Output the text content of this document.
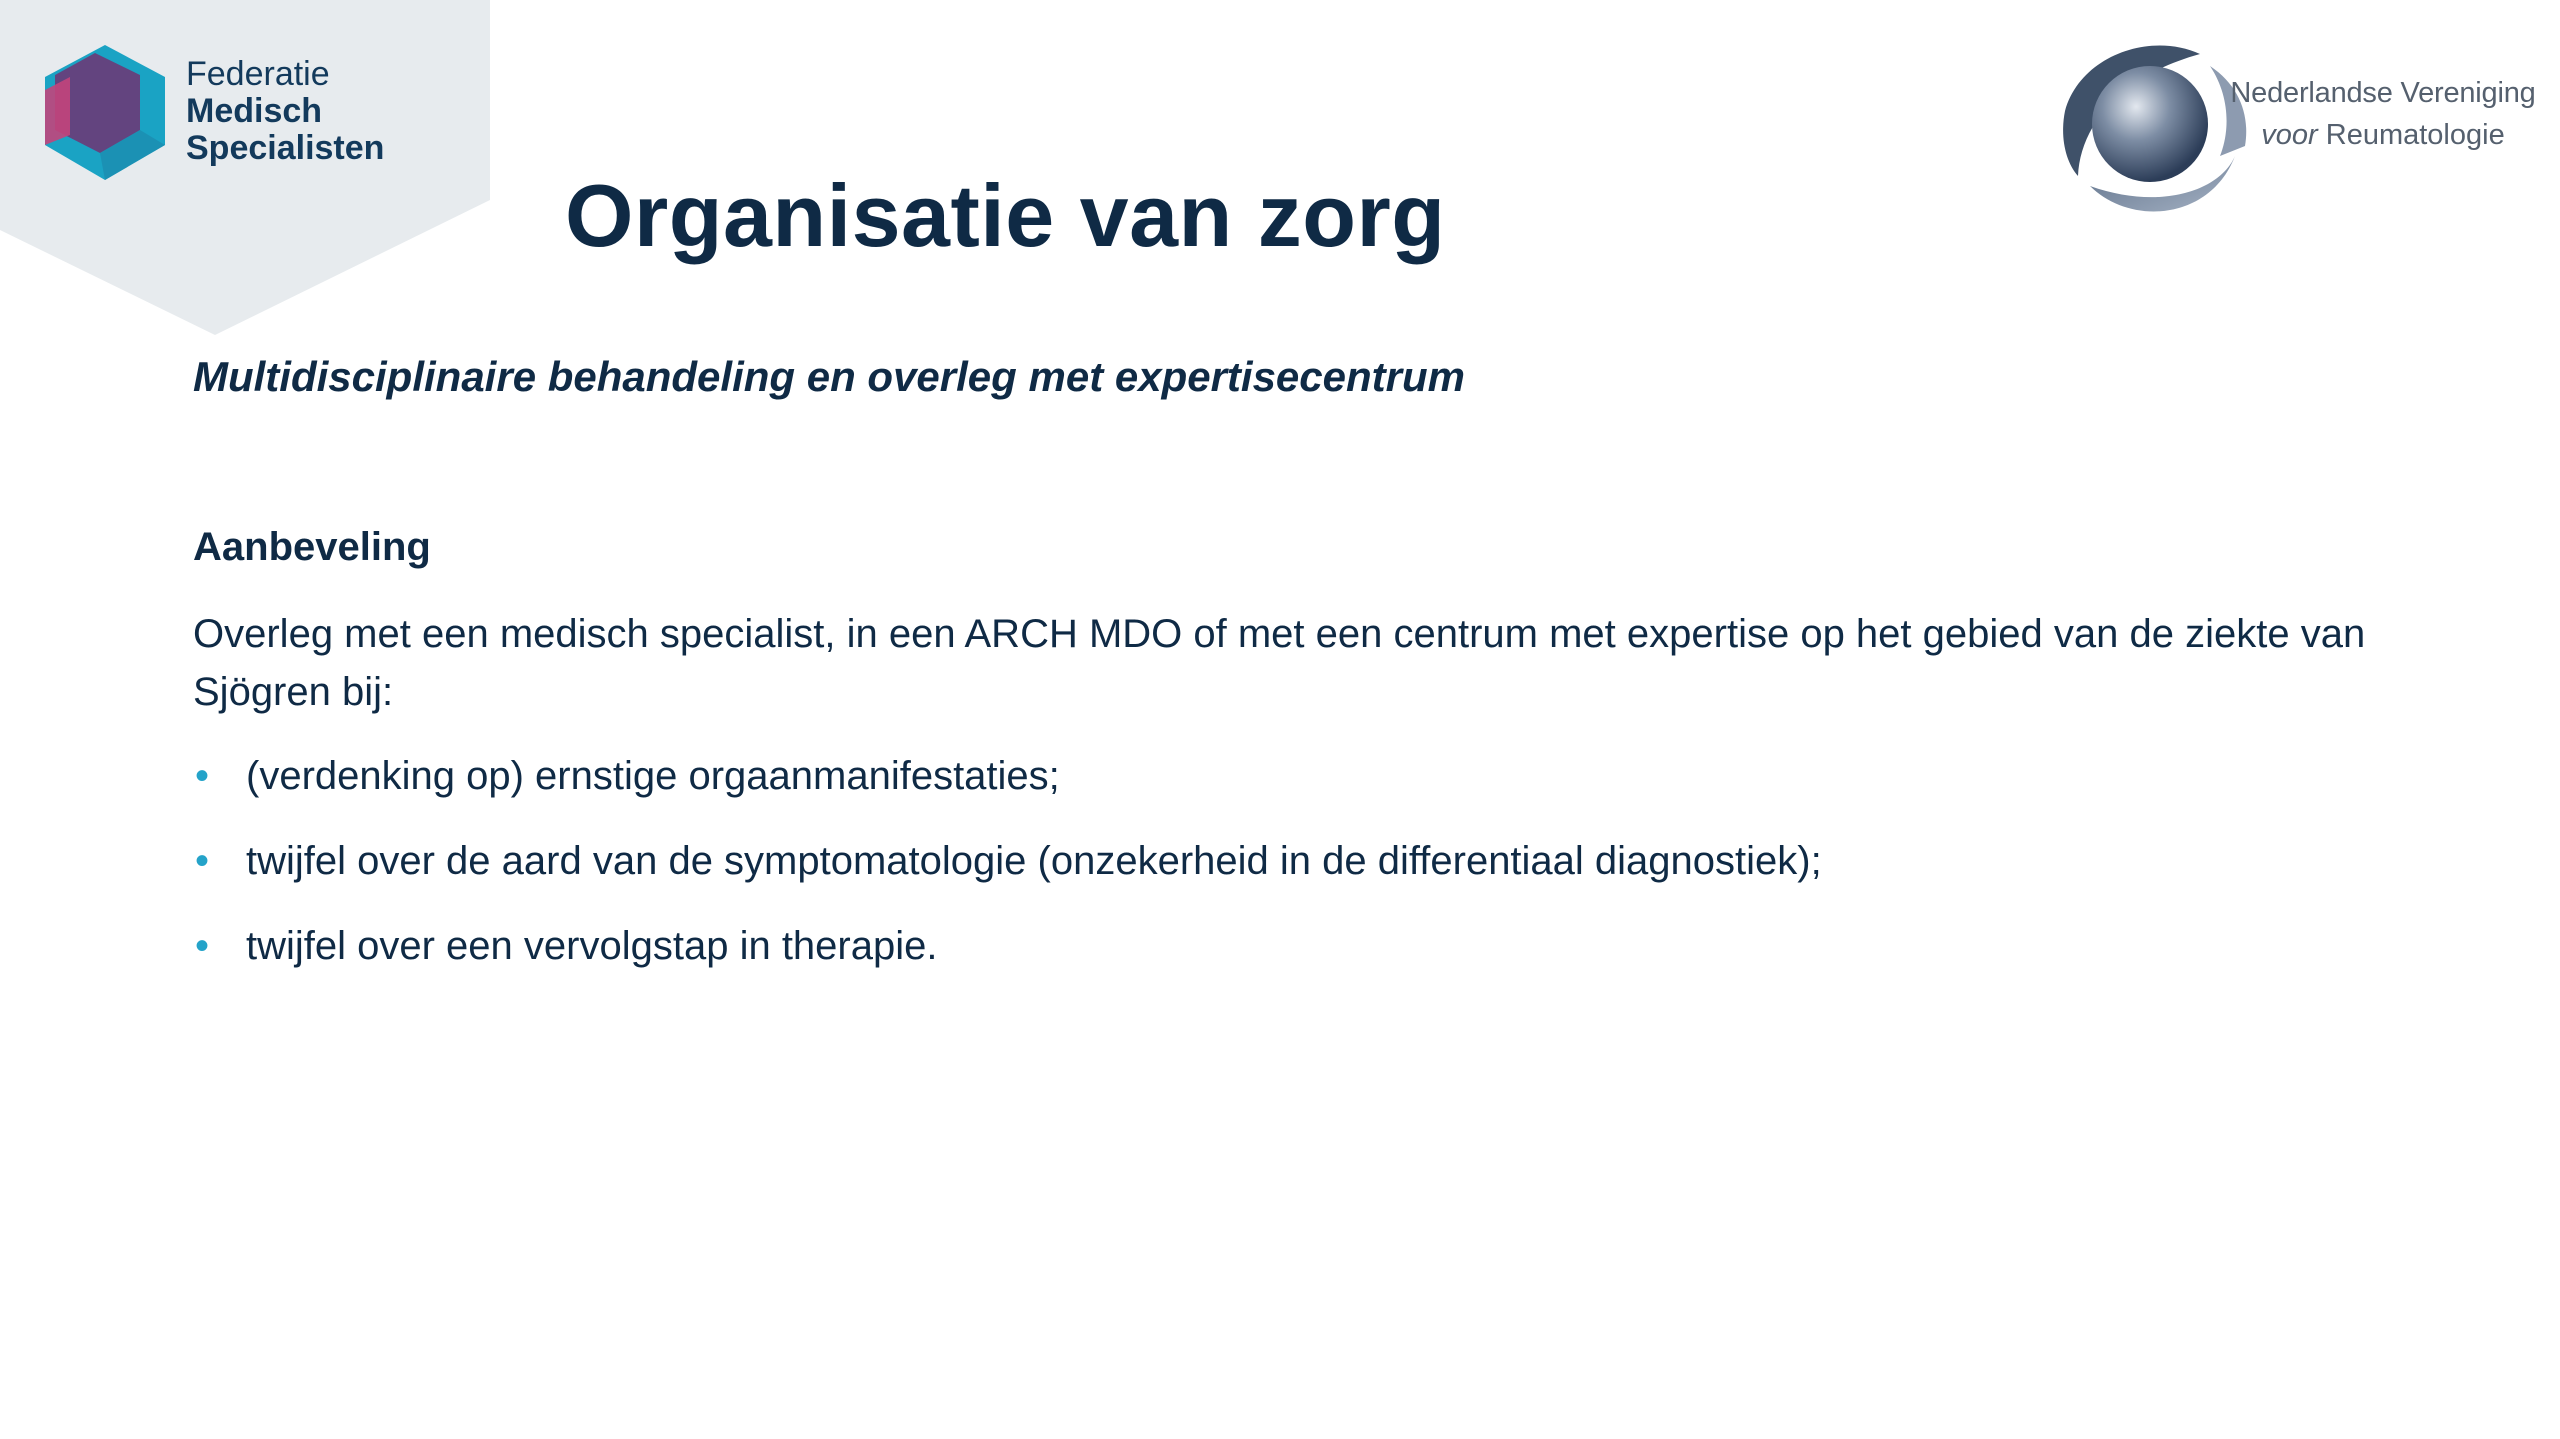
Federatie
Medisch
Specialisten
Nederlandse Vereniging
voor Reumatologie
Organisatie van zorg

Multidisciplinaire behandeling en overleg met expertisecentrum

Aanbeveling

Overleg met een medisch specialist, in een ARCH MDO of met een centrum met expertise op het gebied van de ziekte van Sjögren bij:

• (verdenking op) ernstige orgaanmanifestaties;
• twijfel over de aard van de symptomatologie (onzekerheid in de differentiaal diagnostiek);
• twijfel over een vervolgstap in therapie.
